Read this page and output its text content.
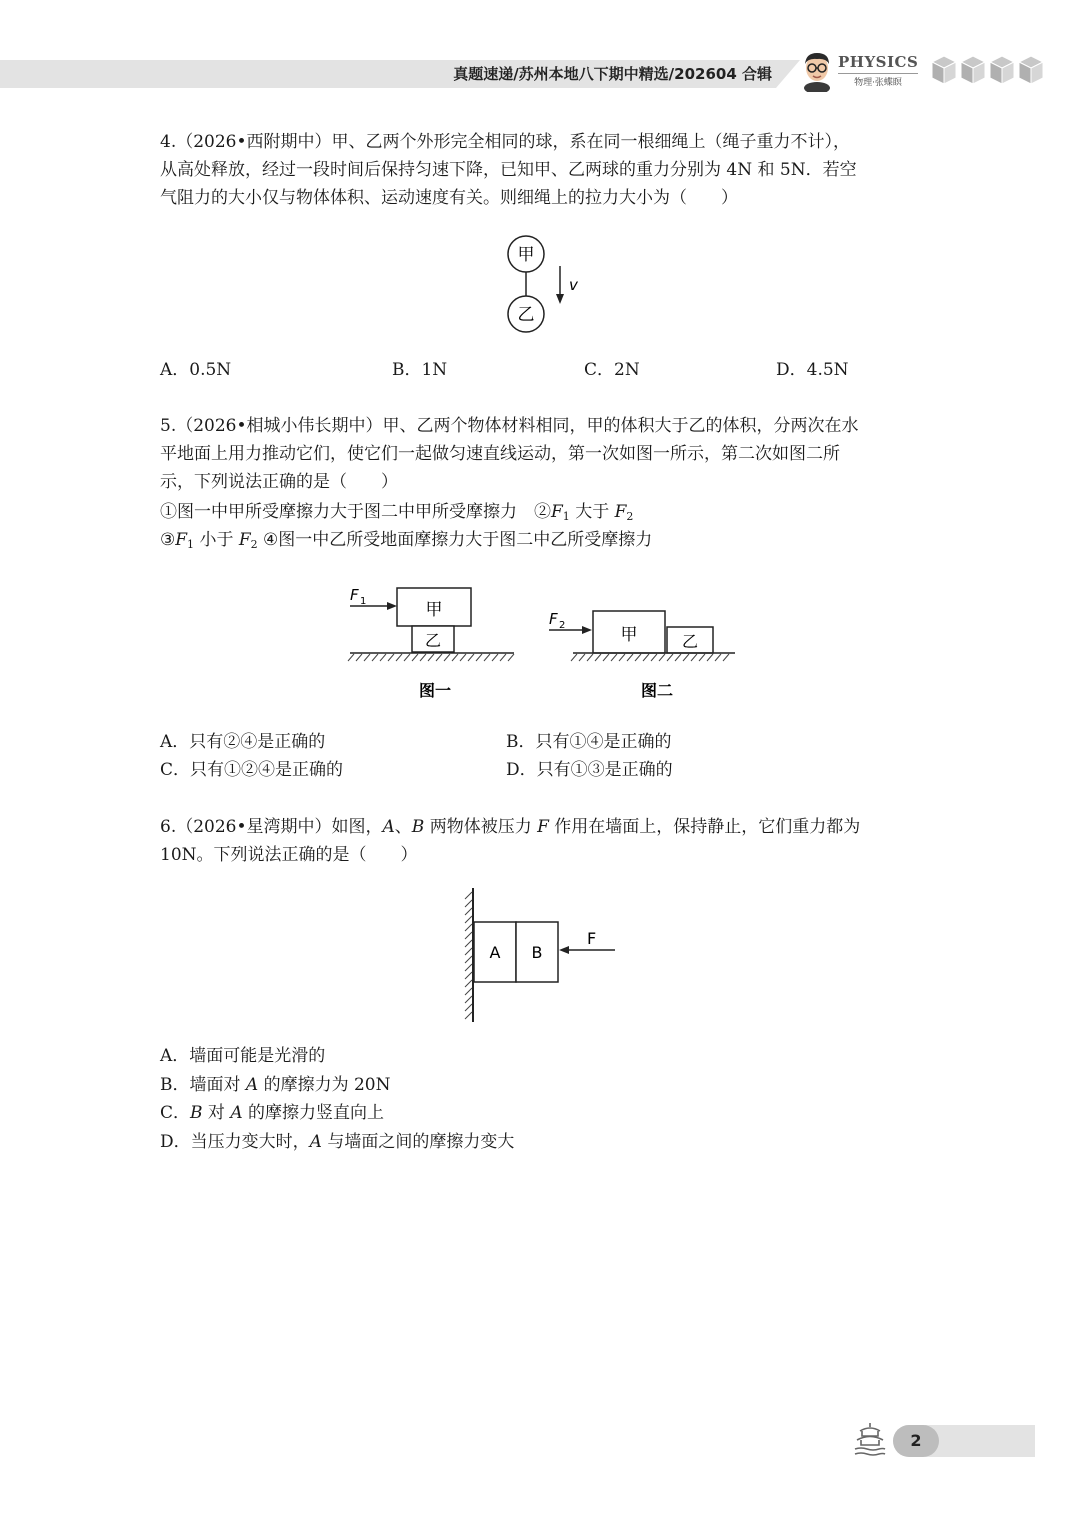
真题速递/苏州本地八下期中精选/202604 合辑
PHYSICS
物理·张蝶瞑
4.（2026•西附期中）甲、乙两个外形完全相同的球，系在同一根细绳上（绳子重力不计），
从高处释放，经过一段时间后保持匀速下降，已知甲、乙两球的重力分别为 4N 和 5N．若空
气阻力的大小仅与物体体积、运动速度有关。则细绳上的拉力大小为（　　）
甲
乙
v
A．0.5N	B．1N	C．2N	D．4.5N
5.（2026•相城小伟长期中）甲、乙两个物体材料相同，甲的体积大于乙的体积，分两次在水
平地面上用力推动它们，使它们一起做匀速直线运动，第一次如图一所示，第二次如图二所
示，下列说法正确的是（　　）
①图一中甲所受摩擦力大于图二中甲所受摩擦力　$②F_1$ 大于 $F_2$
$③F_1$ 小于 $F_2$ ④图一中乙所受地面摩擦力大于图二中乙所受摩擦力
甲
乙
F 1
图一
甲	乙
F 2
图二
A．只有②④是正确的	B．只有①④是正确的
C．只有①②④是正确的	D．只有①③是正确的
6.（2026•星湾期中）如图，A、B 两物体被压力 F 作用在墙面上，保持静止，它们重力都为
10N。下列说法正确的是（　　）
A B
F
A．墙面可能是光滑的
B．墙面对 A 的摩擦力为 20N
C．B 对 A 的摩擦力竖直向上
D．当压力变大时，A 与墙面之间的摩擦力变大
2
